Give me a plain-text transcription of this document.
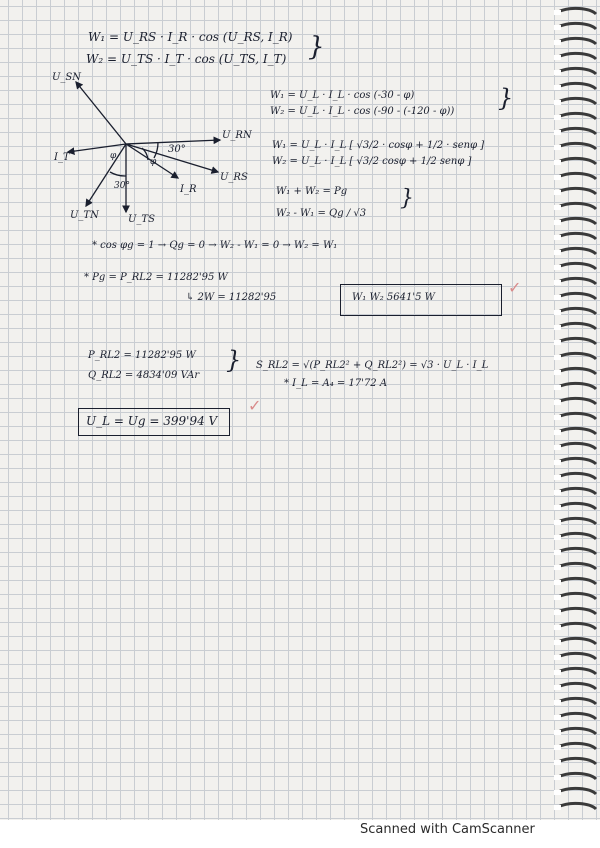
W₁ = U_RS · I_R · cos (U_RS, I_R)
W₂ = U_TS · I_T · cos (U_TS, I_T) }
U_SN
U_RN
U_RS
I_T
I_R
U_TN	U_TS
30°
30°
φ
φ
W₁ = U_L · I_L · cos (-30 - φ)
W₂ = U_L · I_L · cos (-90 - (-120 - φ)) }
W₁ = U_L · I_L [ √3/2 · cosφ + 1/2 · senφ ]
W₂ = U_L · I_L [ √3/2 cosφ + 1/2 senφ ]
W₁ + W₂ = Pg
W₂ - W₁ = Qg / √3
}
* cos φg = 1 → Qg = 0 → W₂ - W₁ = 0 → W₂ = W₁
* Pg = P_RL2 = 11282'95 W
↳ 2W = 11282'95	W₁ W₂ 5641'5 W
✓
P_RL2 = 11282'95 W
Q_RL2 = 4834'09 VAr
} S_RL2 = √(P_RL2² + Q_RL2²) = √3 · U_L · I_L
* I_L = A₄ = 17'72 A
U_L = Ug = 399'94 V
✓
Scanned with CamScanner
